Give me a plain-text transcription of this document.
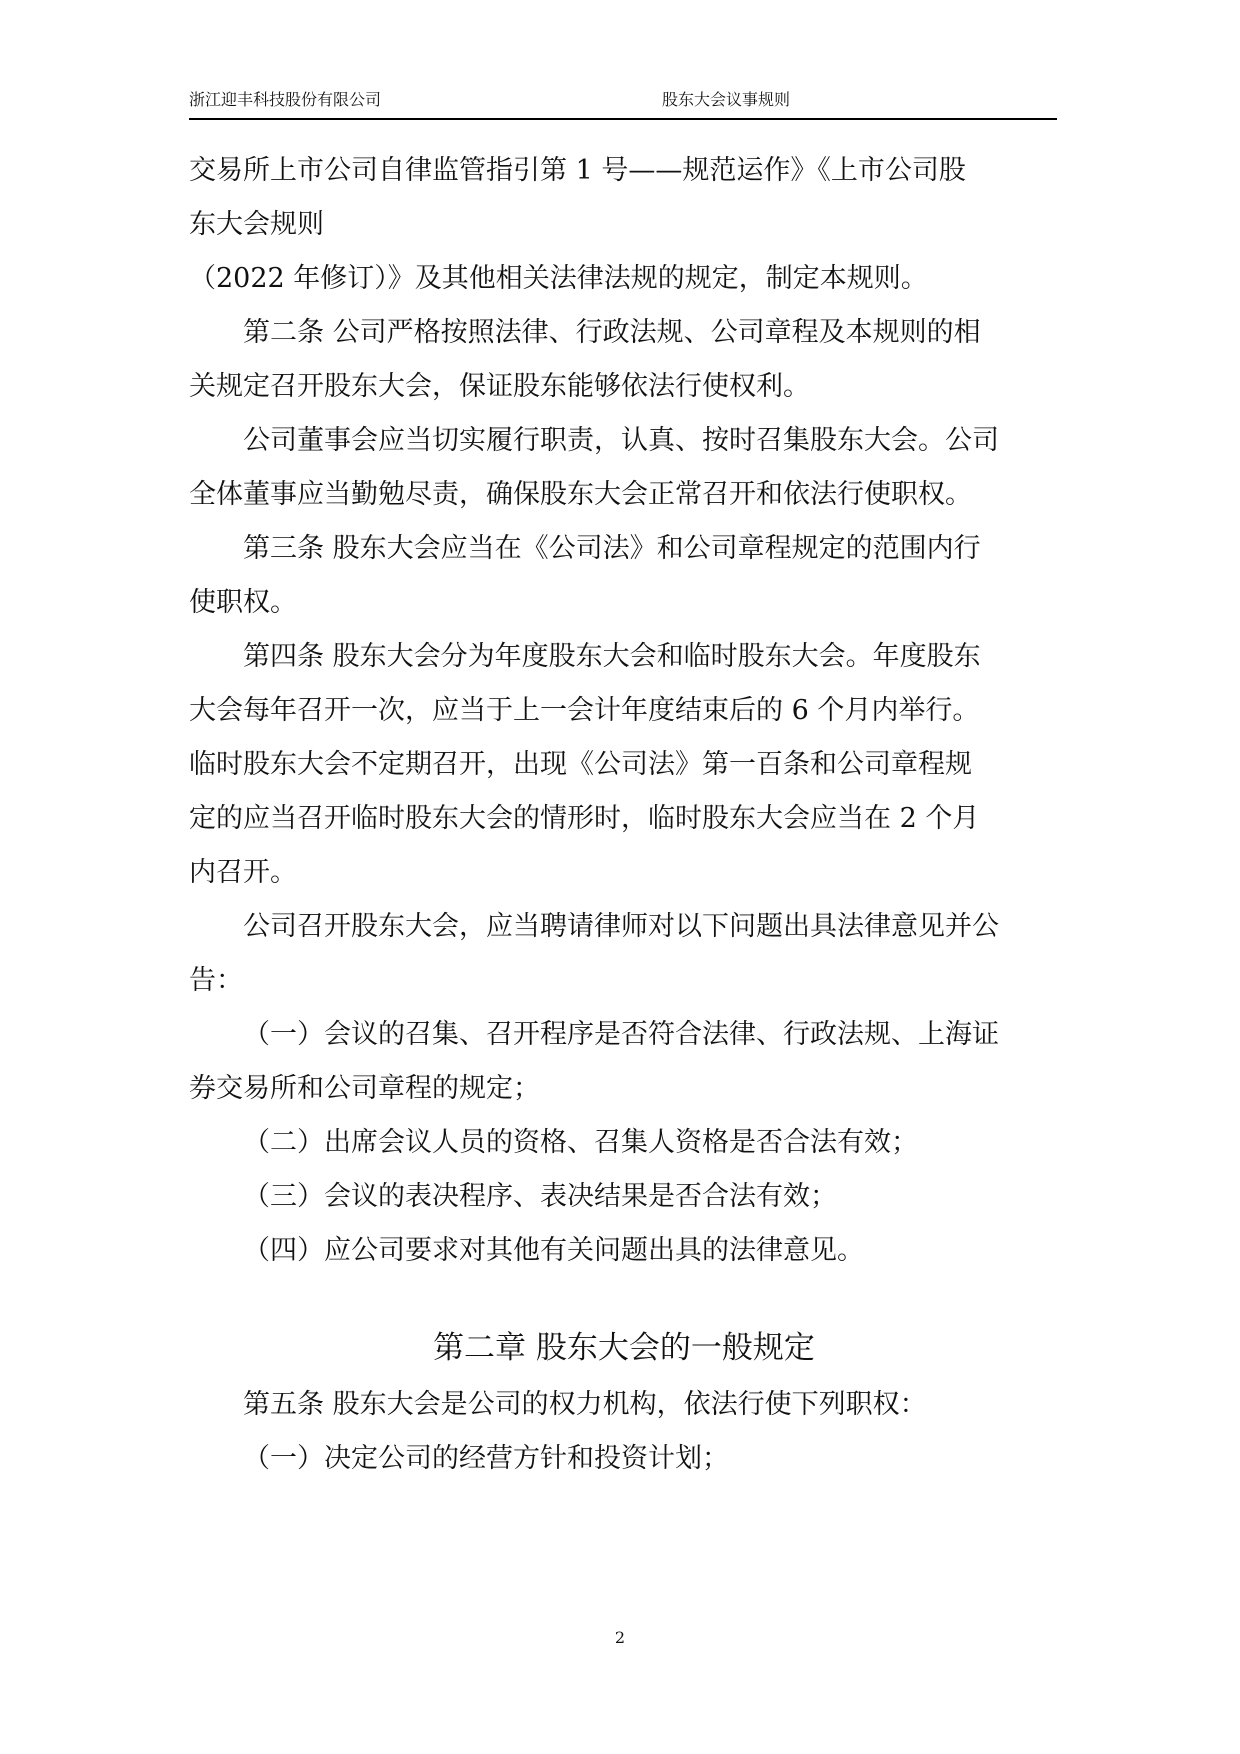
浙江迎丰科技股份有限公司	股东大会议事规则

交易所上市公司自律监管指引第 1 号——规范运作》《上市公司股

东大会规则

（2022 年修订）》及其他相关法律法规的规定，制定本规则。

第二条 公司严格按照法律、行政法规、公司章程及本规则的相

关规定召开股东大会，保证股东能够依法行使权利。

公司董事会应当切实履行职责，认真、按时召集股东大会。公司

全体董事应当勤勉尽责，确保股东大会正常召开和依法行使职权。

第三条 股东大会应当在《公司法》和公司章程规定的范围内行

使职权。

第四条 股东大会分为年度股东大会和临时股东大会。年度股东

大会每年召开一次，应当于上一会计年度结束后的 6 个月内举行。

临时股东大会不定期召开，出现《公司法》第一百条和公司章程规

定的应当召开临时股东大会的情形时，临时股东大会应当在 2 个月

内召开。

公司召开股东大会，应当聘请律师对以下问题出具法律意见并公

告：

（一）会议的召集、召开程序是否符合法律、行政法规、上海证

券交易所和公司章程的规定；

（二）出席会议人员的资格、召集人资格是否合法有效；

（三）会议的表决程序、表决结果是否合法有效；

（四）应公司要求对其他有关问题出具的法律意见。

第二章 股东大会的一般规定

第五条 股东大会是公司的权力机构，依法行使下列职权：

（一）决定公司的经营方针和投资计划；

2
